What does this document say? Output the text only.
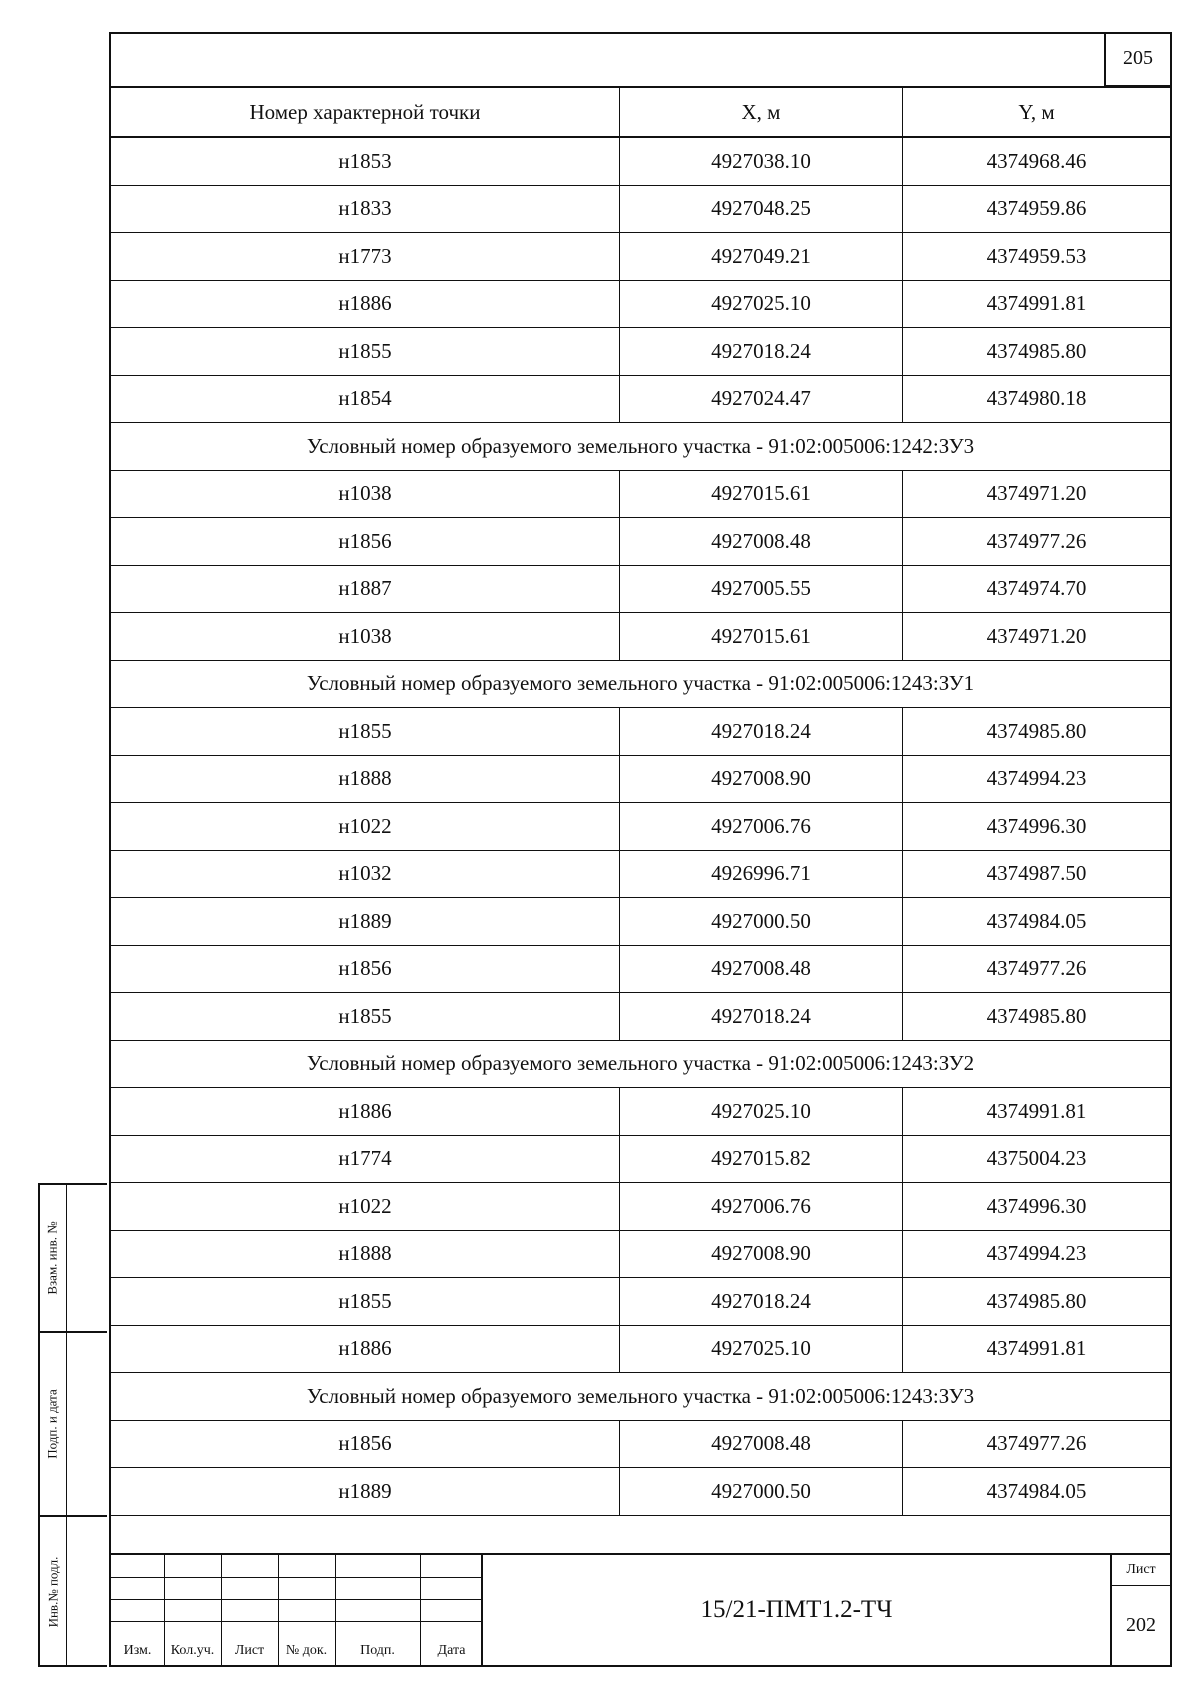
205
Номер характерной точки	X, м	Y, м
н1853	4927038.10	4374968.46
н1833	4927048.25	4374959.86
н1773	4927049.21	4374959.53
н1886	4927025.10	4374991.81
н1855	4927018.24	4374985.80
н1854	4927024.47	4374980.18
Условный номер образуемого земельного участка - 91:02:005006:1242:ЗУ3		
н1038	4927015.61	4374971.20
н1856	4927008.48	4374977.26
н1887	4927005.55	4374974.70
н1038	4927015.61	4374971.20
Условный номер образуемого земельного участка - 91:02:005006:1243:ЗУ1		
н1855	4927018.24	4374985.80
н1888	4927008.90	4374994.23
н1022	4927006.76	4374996.30
н1032	4926996.71	4374987.50
н1889	4927000.50	4374984.05
н1856	4927008.48	4374977.26
н1855	4927018.24	4374985.80
Условный номер образуемого земельного участка - 91:02:005006:1243:ЗУ2		
н1886	4927025.10	4374991.81
н1774	4927015.82	4375004.23
н1022	4927006.76	4374996.30
н1888	4927008.90	4374994.23
н1855	4927018.24	4374985.80
н1886	4927025.10	4374991.81
Условный номер образуемого земельного участка - 91:02:005006:1243:ЗУ3		
н1856	4927008.48	4374977.26
н1889	4927000.50	4374984.05
Изм.	Кол.уч.	Лист	№ док.	Подп.	Дата
15/21-ПМТ1.2-ТЧ
Лист
202
Взам. инв. №
Подп. и дата
Инв.№ подл.
